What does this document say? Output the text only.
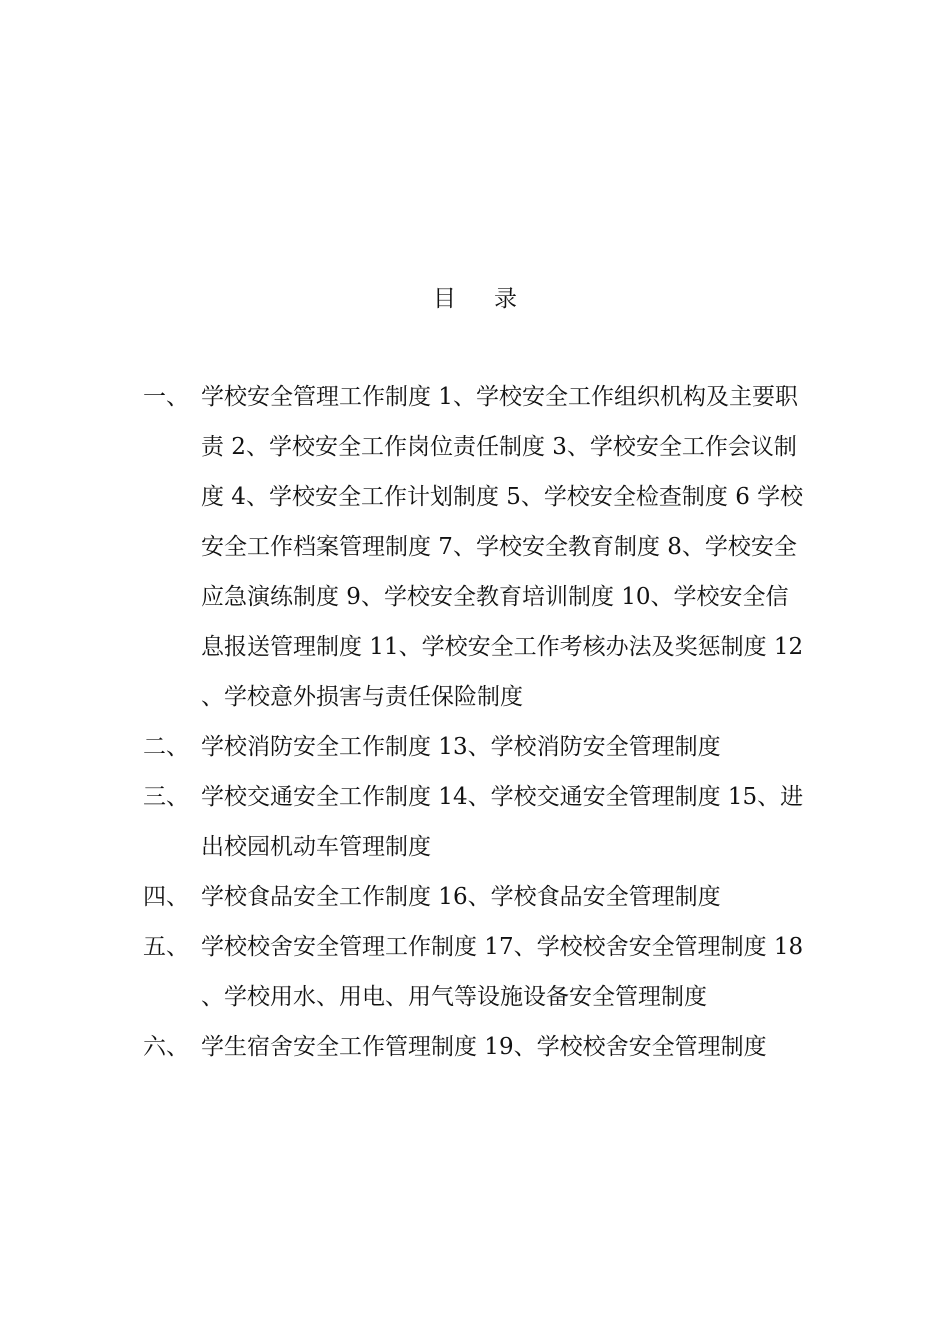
目 录
一、 学校安全管理工作制度 1、学校安全工作组织机构及主要职责 2、学校安全工作岗位责任制度 3、学校安全工作会议制度 4、学校安全工作计划制度 5、学校安全检查制度 6 学校安全工作档案管理制度 7、学校安全教育制度 8、学校安全应急演练制度 9、学校安全教育培训制度 10、学校安全信息报送管理制度 11、学校安全工作考核办法及奖惩制度 12、学校意外损害与责任保险制度
二、 学校消防安全工作制度 13、学校消防安全管理制度
三、 学校交通安全工作制度 14、学校交通安全管理制度 15、进出校园机动车管理制度
四、 学校食品安全工作制度 16、学校食品安全管理制度
五、 学校校舍安全管理工作制度 17、学校校舍安全管理制度 18、学校用水、用电、用气等设施设备安全管理制度
六、 学生宿舍安全工作管理制度 19、学校校舍安全管理制度
